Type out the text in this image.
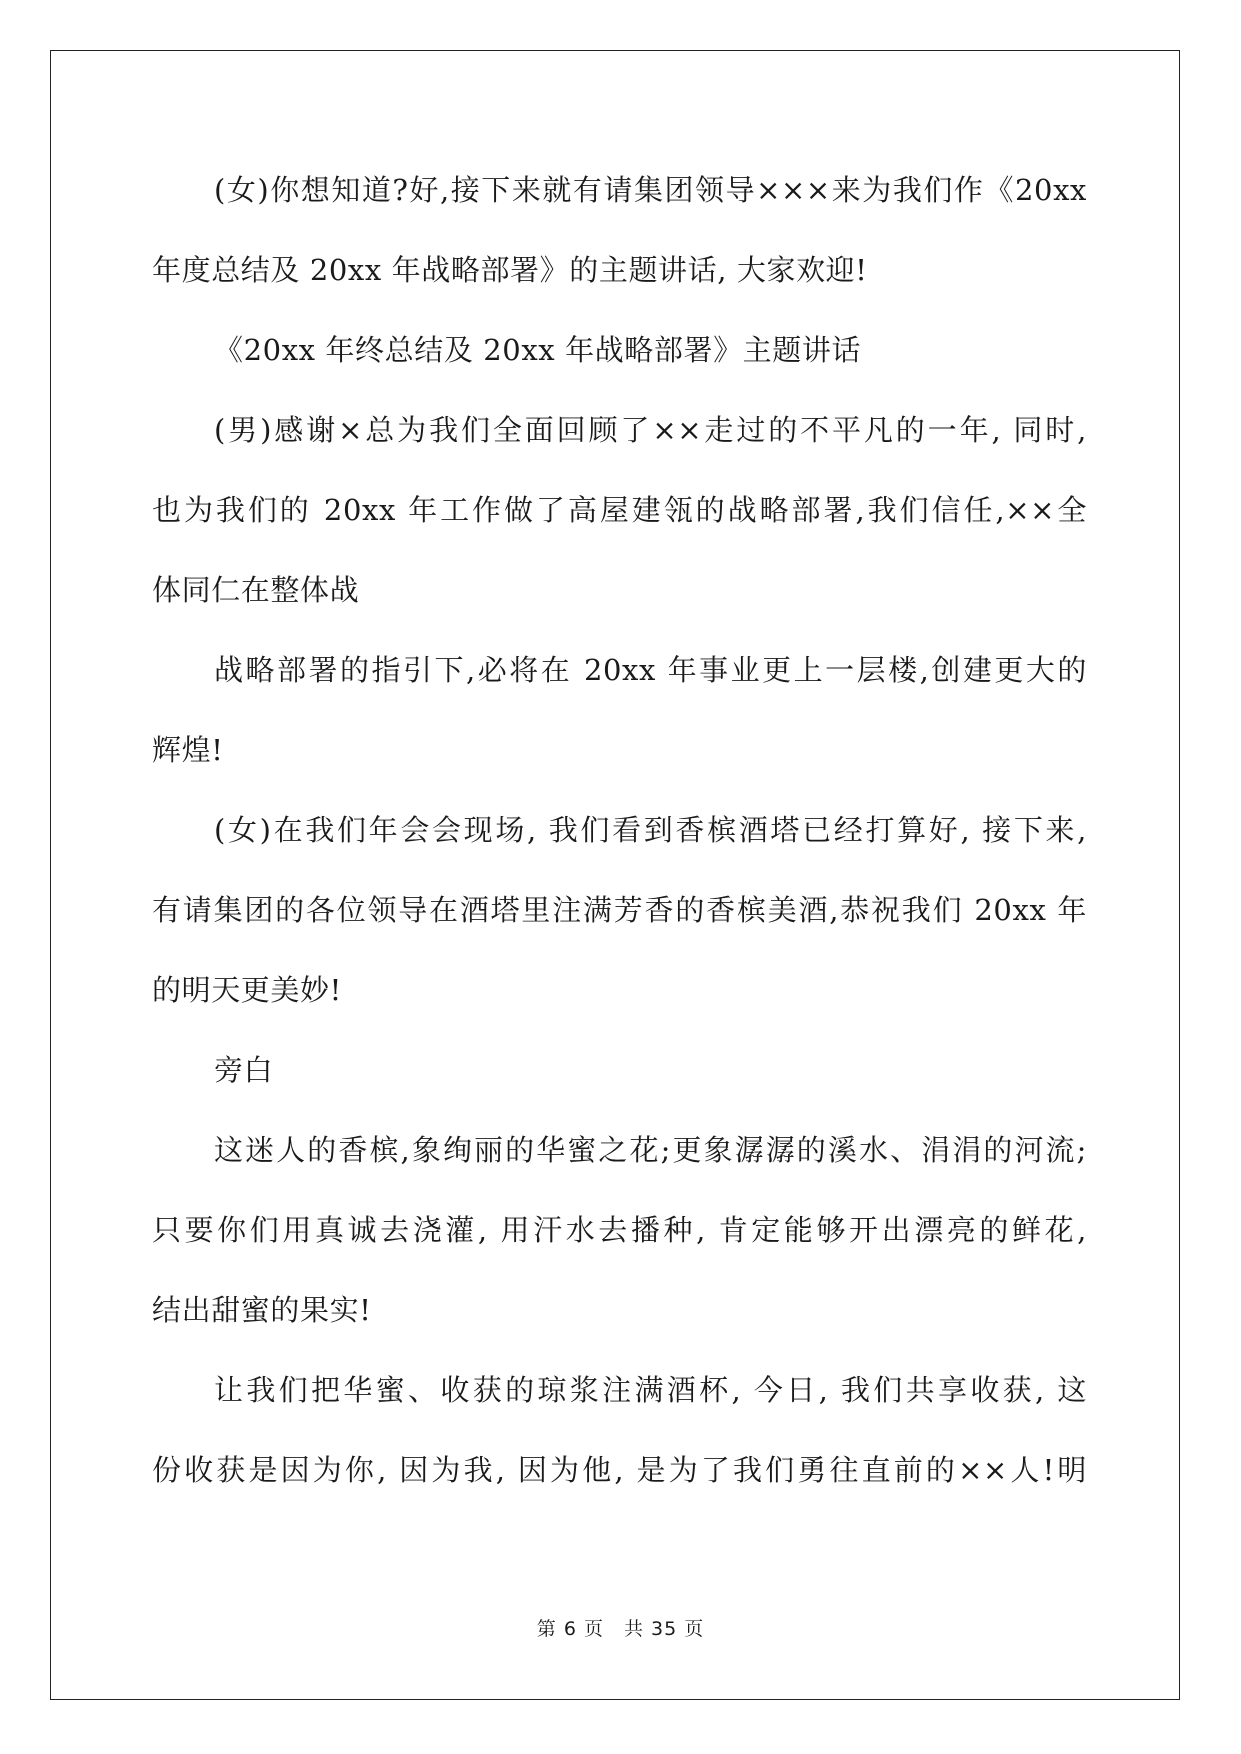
(女)你想知道?好,接下来就有请集团领导×××来为我们作《20xx
年度总结及 20xx 年战略部署》的主题讲话, 大家欢迎!
《20xx 年终总结及 20xx 年战略部署》主题讲话
(男)感谢×总为我们全面回顾了××走过的不平凡的一年, 同时,
也为我们的 20xx 年工作做了高屋建瓴的战略部署,我们信任,××全
体同仁在整体战
战略部署的指引下,必将在 20xx 年事业更上一层楼,创建更大的
辉煌!
(女)在我们年会会现场, 我们看到香槟酒塔已经打算好, 接下来,
有请集团的各位领导在酒塔里注满芳香的香槟美酒,恭祝我们 20xx 年
的明天更美妙!
旁白
这迷人的香槟,象绚丽的华蜜之花;更象潺潺的溪水、涓涓的河流;
只要你们用真诚去浇灌, 用汗水去播种, 肯定能够开出漂亮的鲜花,
结出甜蜜的果实!
让我们把华蜜、收获的琼浆注满酒杯, 今日, 我们共享收获, 这
份收获是因为你, 因为我, 因为他, 是为了我们勇往直前的××人!明
第 6 页　共 35 页
